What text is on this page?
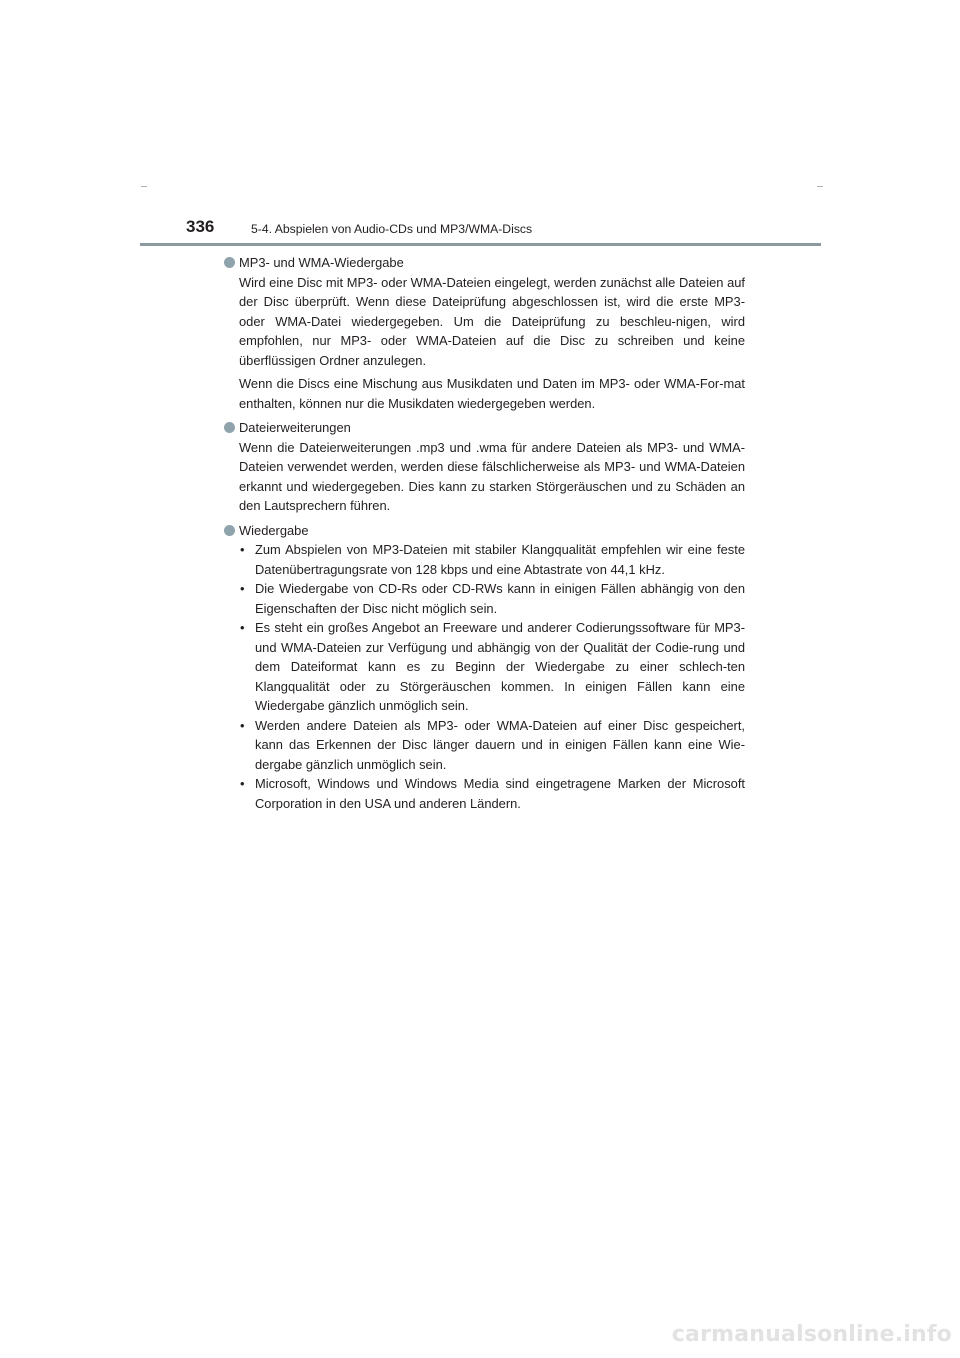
336	5-4. Abspielen von Audio-CDs und MP3/WMA-Discs

MP3- und WMA-Wiedergabe

Wird eine Disc mit MP3- oder WMA-Dateien eingelegt, werden zunächst alle Dateien auf der Disc überprüft. Wenn diese Dateiprüfung abgeschlossen ist, wird die erste MP3- oder WMA-Datei wiedergegeben. Um die Dateiprüfung zu beschleu-nigen, wird empfohlen, nur MP3- oder WMA-Dateien auf die Disc zu schreiben und keine überflüssigen Ordner anzulegen.

Wenn die Discs eine Mischung aus Musikdaten und Daten im MP3- oder WMA-For-mat enthalten, können nur die Musikdaten wiedergegeben werden.

Dateierweiterungen

Wenn die Dateierweiterungen .mp3 und .wma für andere Dateien als MP3- und WMA-Dateien verwendet werden, werden diese fälschlicherweise als MP3- und WMA-Dateien erkannt und wiedergegeben. Dies kann zu starken Störgeräuschen und zu Schäden an den Lautsprechern führen.

Wiedergabe

• Zum Abspielen von MP3-Dateien mit stabiler Klangqualität empfehlen wir eine feste Datenübertragungsrate von 128 kbps und eine Abtastrate von 44,1 kHz.
• Die Wiedergabe von CD-Rs oder CD-RWs kann in einigen Fällen abhängig von den Eigenschaften der Disc nicht möglich sein.
• Es steht ein großes Angebot an Freeware und anderer Codierungssoftware für MP3- und WMA-Dateien zur Verfügung und abhängig von der Qualität der Codie-rung und dem Dateiformat kann es zu Beginn der Wiedergabe zu einer schlech-ten Klangqualität oder zu Störgeräuschen kommen. In einigen Fällen kann eine Wiedergabe gänzlich unmöglich sein.
• Werden andere Dateien als MP3- oder WMA-Dateien auf einer Disc gespeichert, kann das Erkennen der Disc länger dauern und in einigen Fällen kann eine Wie-dergabe gänzlich unmöglich sein.
• Microsoft, Windows und Windows Media sind eingetragene Marken der Microsoft Corporation in den USA und anderen Ländern.
carmanualsonline.info
